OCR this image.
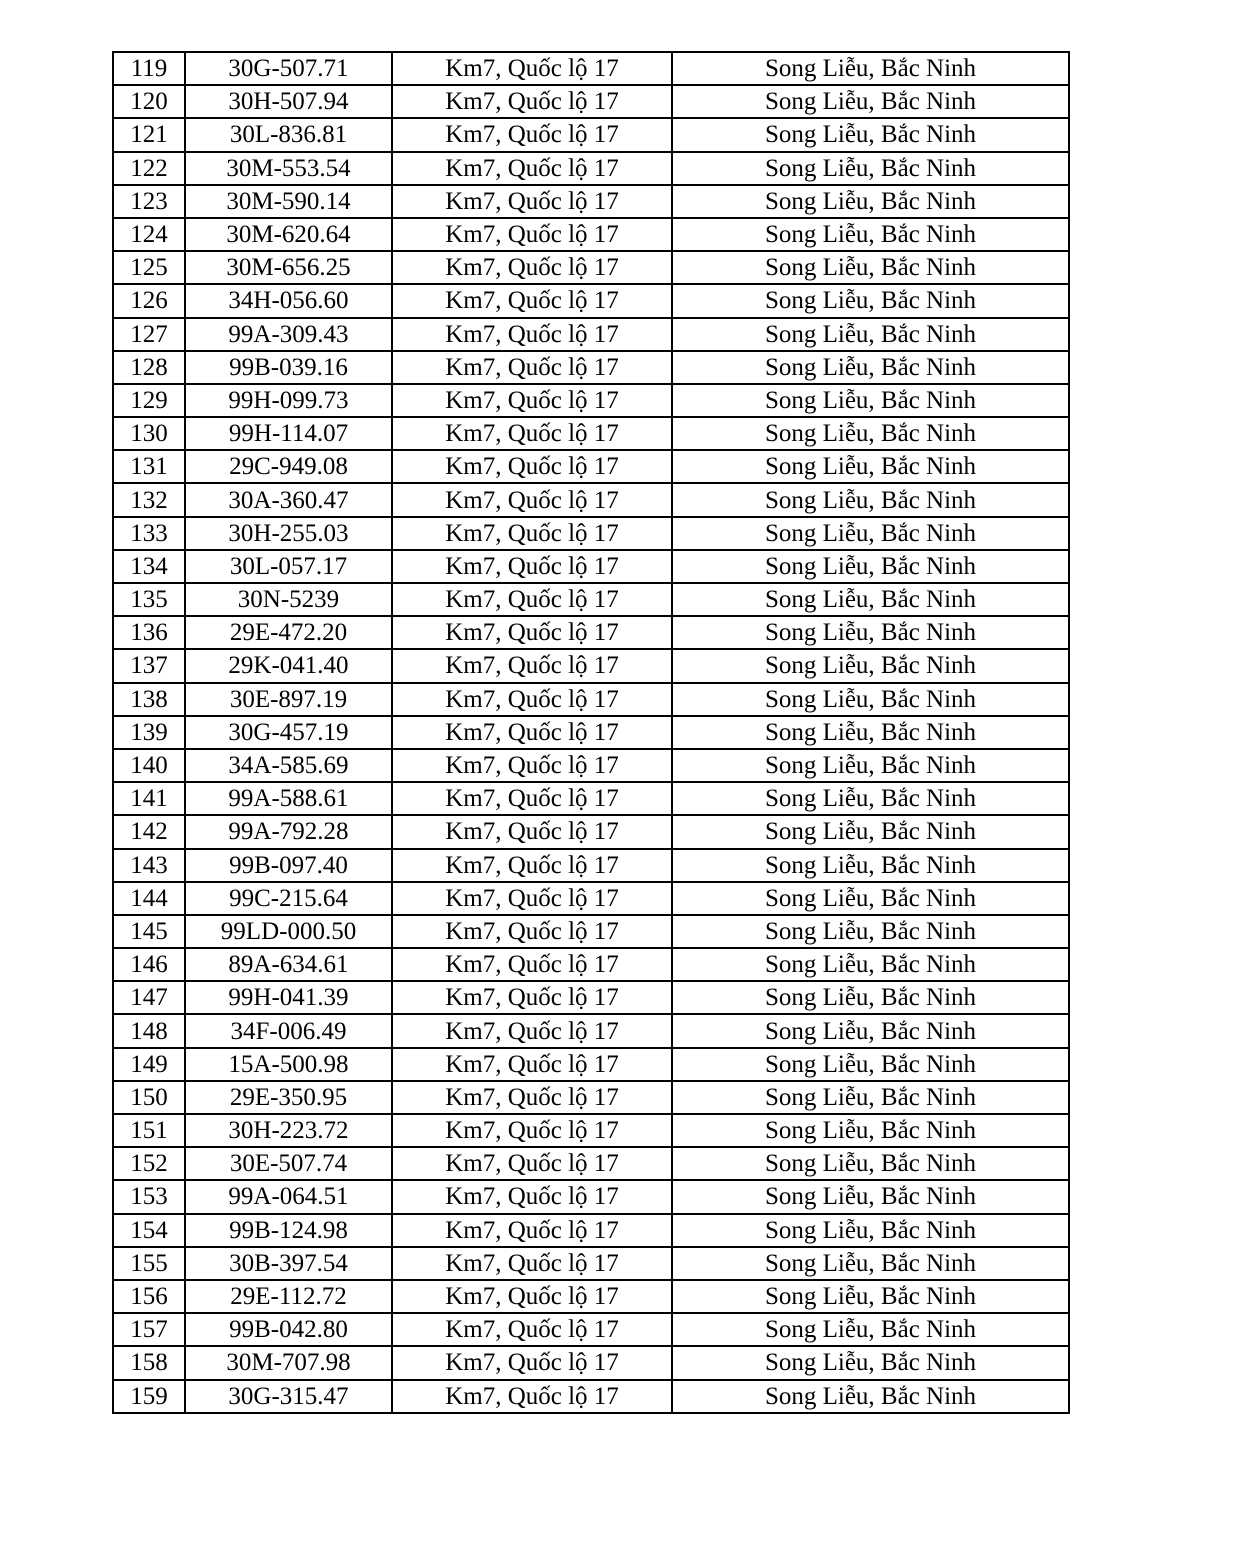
119	30G-507.71	Km7, Quốc lộ 17	Song Liễu, Bắc Ninh
120	30H-507.94	Km7, Quốc lộ 17	Song Liễu, Bắc Ninh
121	30L-836.81	Km7, Quốc lộ 17	Song Liễu, Bắc Ninh
122	30M-553.54	Km7, Quốc lộ 17	Song Liễu, Bắc Ninh
123	30M-590.14	Km7, Quốc lộ 17	Song Liễu, Bắc Ninh
124	30M-620.64	Km7, Quốc lộ 17	Song Liễu, Bắc Ninh
125	30M-656.25	Km7, Quốc lộ 17	Song Liễu, Bắc Ninh
126	34H-056.60	Km7, Quốc lộ 17	Song Liễu, Bắc Ninh
127	99A-309.43	Km7, Quốc lộ 17	Song Liễu, Bắc Ninh
128	99B-039.16	Km7, Quốc lộ 17	Song Liễu, Bắc Ninh
129	99H-099.73	Km7, Quốc lộ 17	Song Liễu, Bắc Ninh
130	99H-114.07	Km7, Quốc lộ 17	Song Liễu, Bắc Ninh
131	29C-949.08	Km7, Quốc lộ 17	Song Liễu, Bắc Ninh
132	30A-360.47	Km7, Quốc lộ 17	Song Liễu, Bắc Ninh
133	30H-255.03	Km7, Quốc lộ 17	Song Liễu, Bắc Ninh
134	30L-057.17	Km7, Quốc lộ 17	Song Liễu, Bắc Ninh
135	30N-5239	Km7, Quốc lộ 17	Song Liễu, Bắc Ninh
136	29E-472.20	Km7, Quốc lộ 17	Song Liễu, Bắc Ninh
137	29K-041.40	Km7, Quốc lộ 17	Song Liễu, Bắc Ninh
138	30E-897.19	Km7, Quốc lộ 17	Song Liễu, Bắc Ninh
139	30G-457.19	Km7, Quốc lộ 17	Song Liễu, Bắc Ninh
140	34A-585.69	Km7, Quốc lộ 17	Song Liễu, Bắc Ninh
141	99A-588.61	Km7, Quốc lộ 17	Song Liễu, Bắc Ninh
142	99A-792.28	Km7, Quốc lộ 17	Song Liễu, Bắc Ninh
143	99B-097.40	Km7, Quốc lộ 17	Song Liễu, Bắc Ninh
144	99C-215.64	Km7, Quốc lộ 17	Song Liễu, Bắc Ninh
145	99LD-000.50	Km7, Quốc lộ 17	Song Liễu, Bắc Ninh
146	89A-634.61	Km7, Quốc lộ 17	Song Liễu, Bắc Ninh
147	99H-041.39	Km7, Quốc lộ 17	Song Liễu, Bắc Ninh
148	34F-006.49	Km7, Quốc lộ 17	Song Liễu, Bắc Ninh
149	15A-500.98	Km7, Quốc lộ 17	Song Liễu, Bắc Ninh
150	29E-350.95	Km7, Quốc lộ 17	Song Liễu, Bắc Ninh
151	30H-223.72	Km7, Quốc lộ 17	Song Liễu, Bắc Ninh
152	30E-507.74	Km7, Quốc lộ 17	Song Liễu, Bắc Ninh
153	99A-064.51	Km7, Quốc lộ 17	Song Liễu, Bắc Ninh
154	99B-124.98	Km7, Quốc lộ 17	Song Liễu, Bắc Ninh
155	30B-397.54	Km7, Quốc lộ 17	Song Liễu, Bắc Ninh
156	29E-112.72	Km7, Quốc lộ 17	Song Liễu, Bắc Ninh
157	99B-042.80	Km7, Quốc lộ 17	Song Liễu, Bắc Ninh
158	30M-707.98	Km7, Quốc lộ 17	Song Liễu, Bắc Ninh
159	30G-315.47	Km7, Quốc lộ 17	Song Liễu, Bắc Ninh
